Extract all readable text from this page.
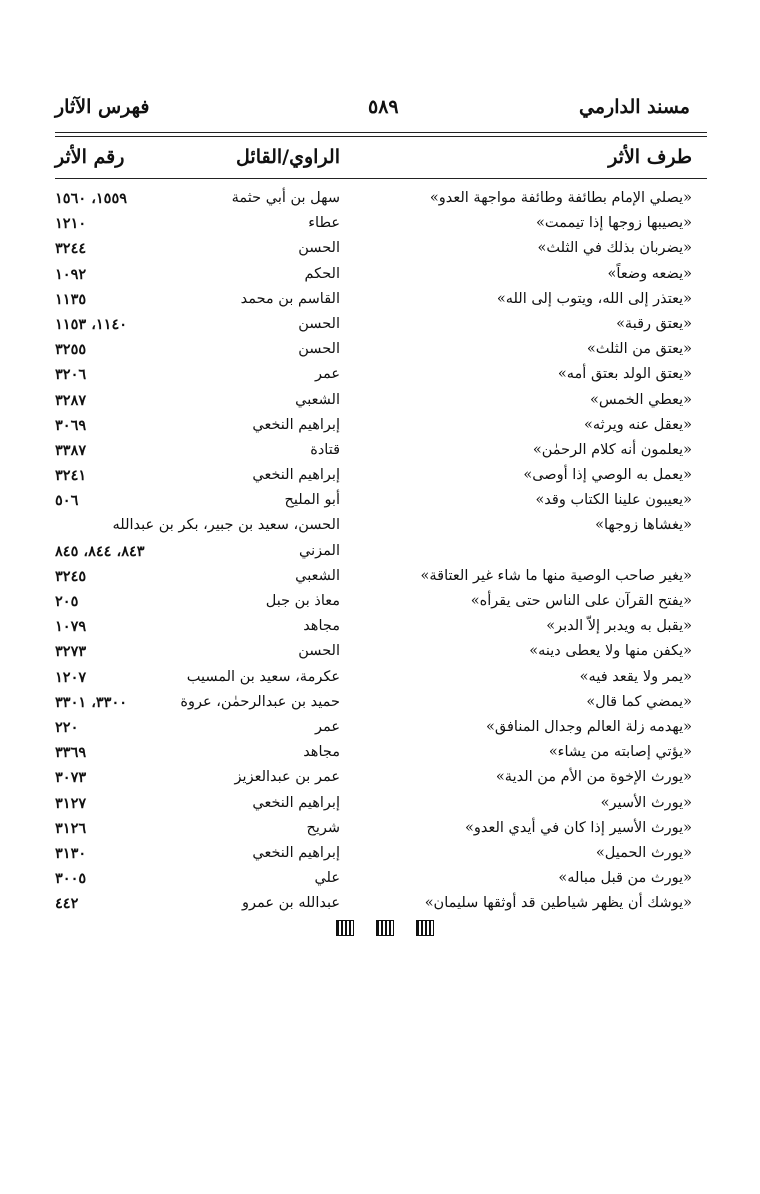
فهرس الآثار	٥٨٩	مسند الدارمي
طرف الأثر
الراوي/القائل
رقم الأثر
«يصلي الإمام بطائفة وطائفة مواجهة العدو»
سهل بن أبي حثمة
١٥٥٩، ١٥٦٠
«يصيبها زوجها إذا تيممت»
عطاء
١٢١٠
«يضربان بذلك في الثلث»
الحسن
٣٢٤٤
«يضعه وضعاً»
الحكم
١٠٩٢
«يعتذر إلى الله، ويتوب إلى الله»
القاسم بن محمد
١١٣٥
«يعتق رقبة»
الحسن
١١٤٠، ١١٥٣
«يعتق من الثلث»
الحسن
٣٢٥٥
«يعتق الولد بعتق أمه»
عمر
٣٢٠٦
«يعطي الخمس»
الشعبي
٣٢٨٧
«يعقل عنه ويرثه»
إبراهيم النخعي
٣٠٦٩
«يعلمون أنه كلام الرحمٰن»
قتادة
٣٣٨٧
«يعمل به الوصي إذا أوصى»
إبراهيم النخعي
٣٢٤١
«يعيبون علينا الكتاب وقد»
أبو المليح
٥٠٦
«يغشاها زوجها»
الحسن، سعيد بن جبير، بكر بن عبدالله
المزني
٨٤٣، ٨٤٤، ٨٤٥
«يغير صاحب الوصية منها ما شاء غير العتاقة»
الشعبي
٣٢٤٥
«يفتح القرآن على الناس حتى يقرأه»
معاذ بن جبل
٢٠٥
«يقبل به ويدبر إلاّ الدبر»
مجاهد
١٠٧٩
«يكفن منها ولا يعطى دينه»
الحسن
٣٢٧٣
«يمر ولا يقعد فيه»
عكرمة، سعيد بن المسيب
١٢٠٧
«يمضي كما قال»
حميد بن عبدالرحمٰن، عروة
٣٣٠٠، ٣٣٠١
«يهدمه زلة العالم وجدال المنافق»
عمر
٢٢٠
«يؤتي إصابته من يشاء»
مجاهد
٣٣٦٩
«يورث الإخوة من الأم من الدية»
عمر بن عبدالعزيز
٣٠٧٣
«يورث الأسير»
إبراهيم النخعي
٣١٢٧
«يورث الأسير إذا كان في أيدي العدو»
شريح
٣١٢٦
«يورث الحميل»
إبراهيم النخعي
٣١٣٠
«يورث من قبل مباله»
علي
٣٠٠٥
«يوشك أن يظهر شياطين قد أوثقها سليمان»
عبدالله بن عمرو
٤٤٢
